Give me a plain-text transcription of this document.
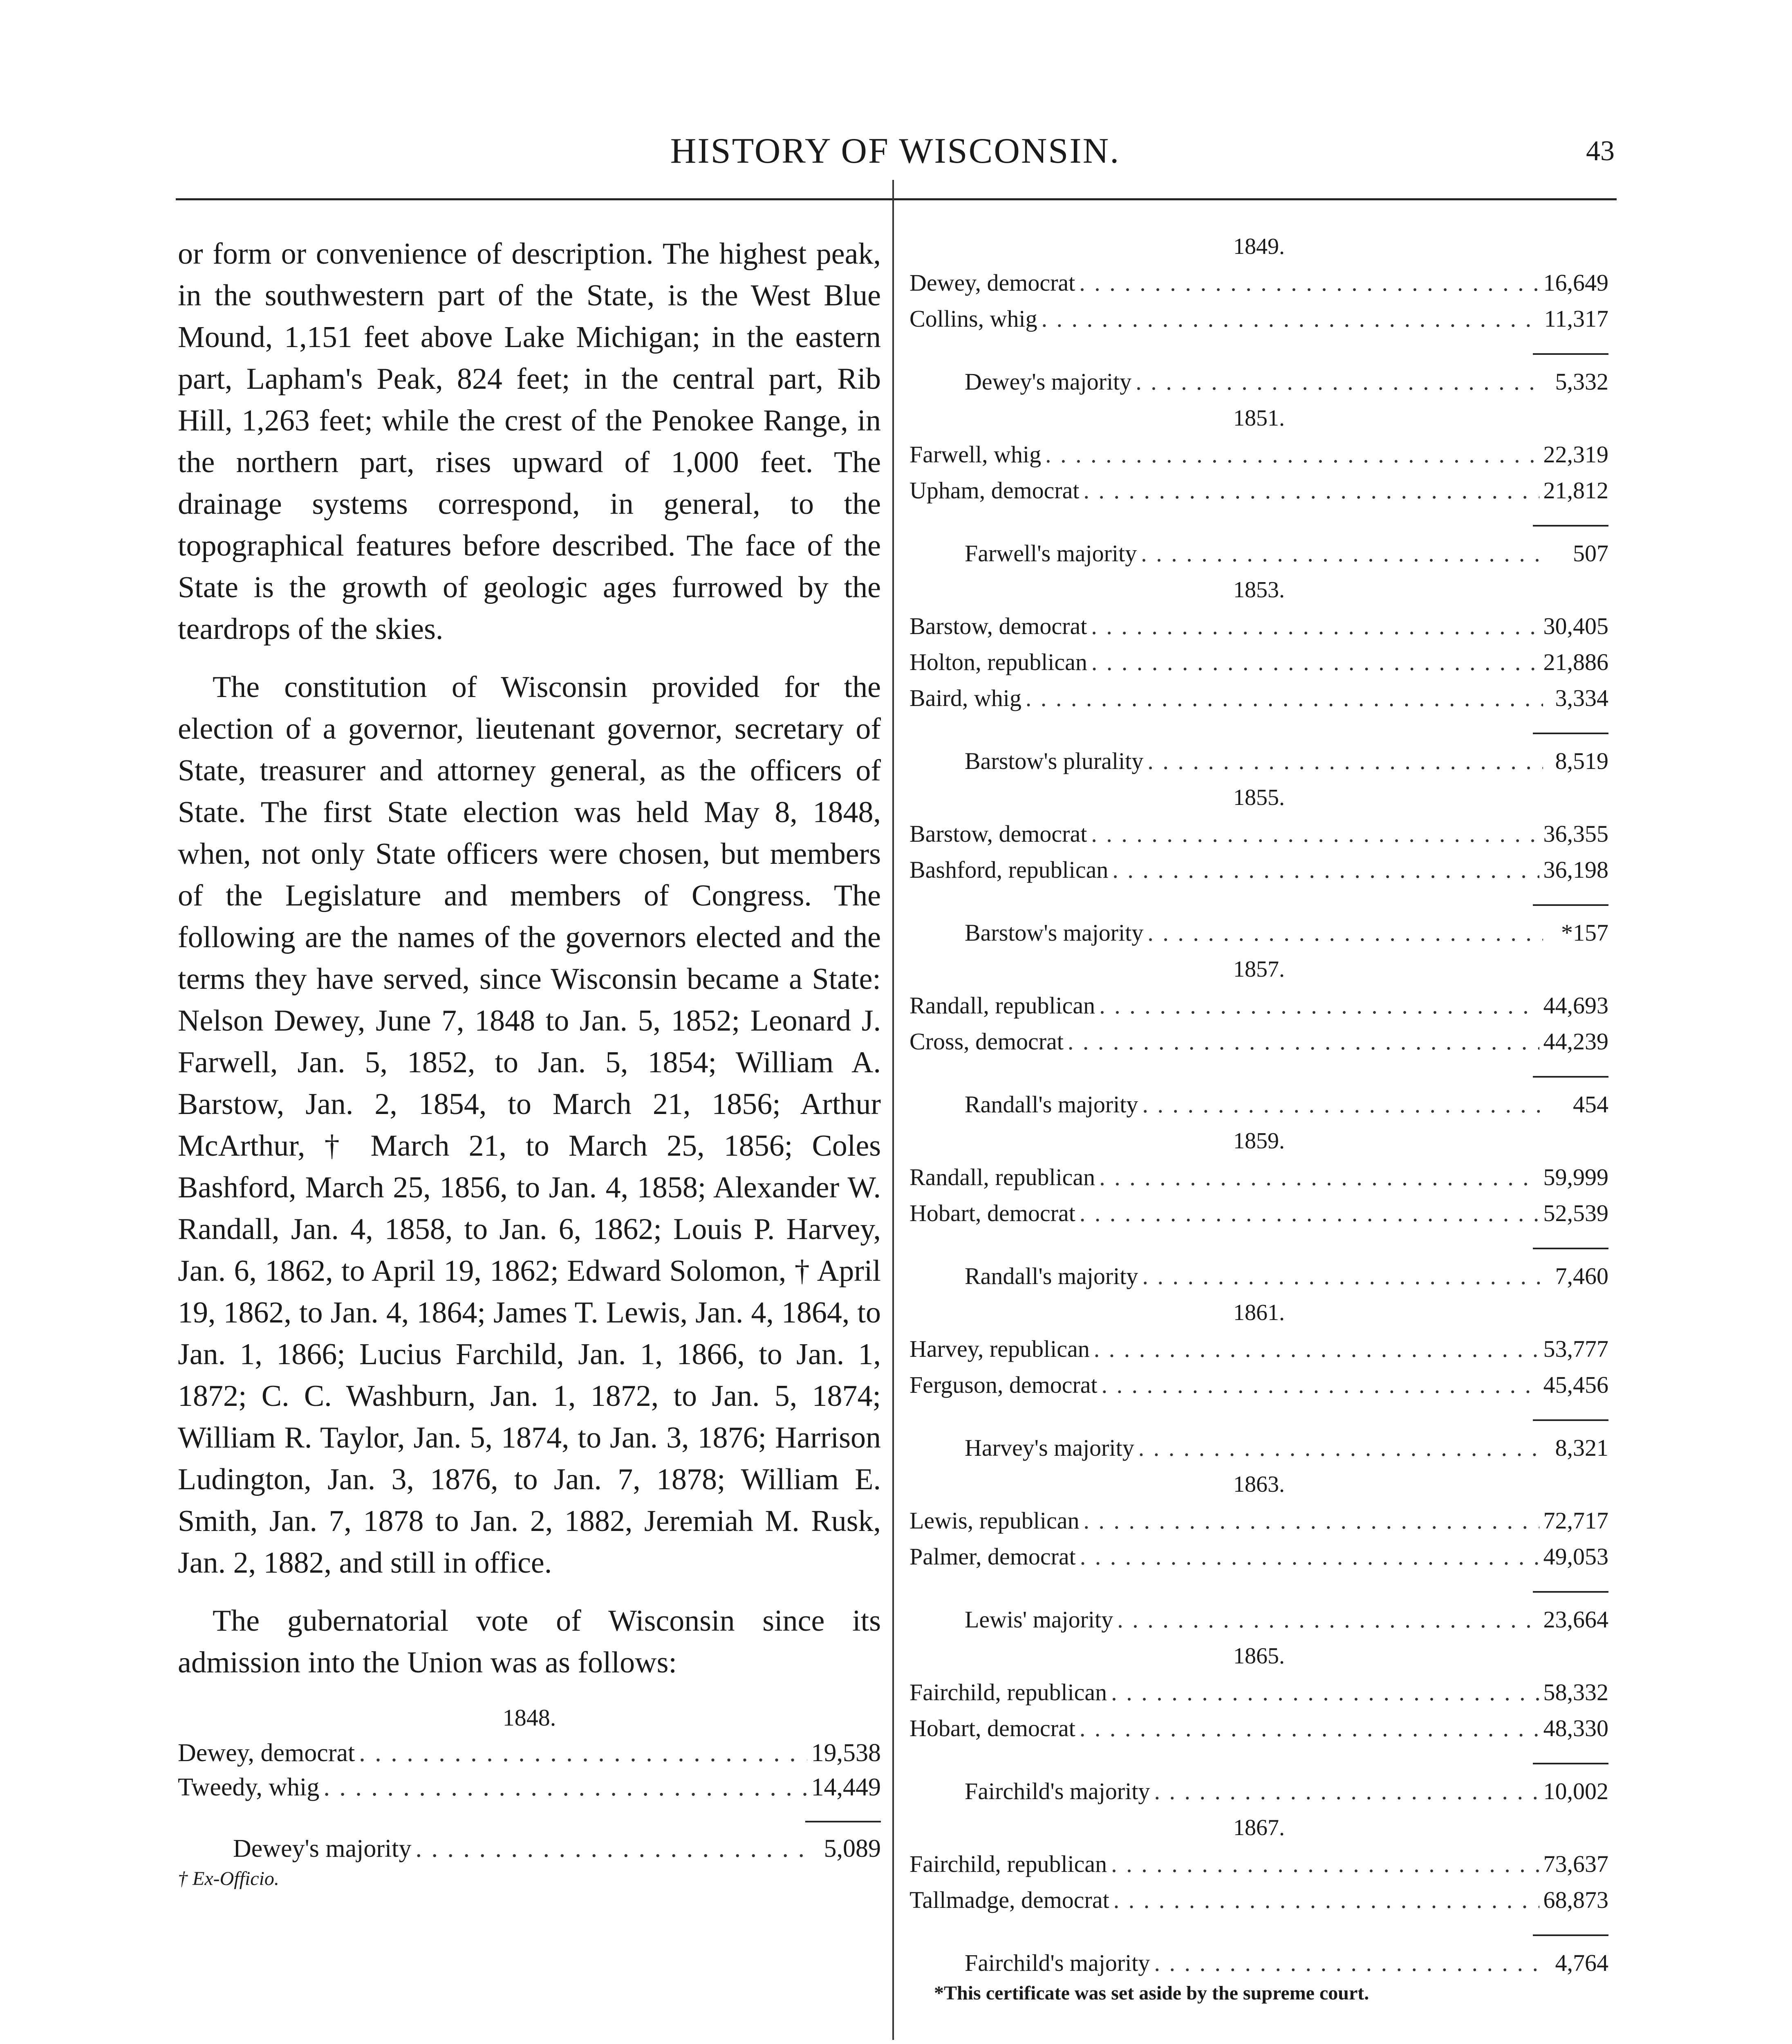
HISTORY OF WISCONSIN.	43

or form or convenience of description. The highest peak, in the southwestern part of the State, is the West Blue Mound, 1,151 feet above Lake Michigan; in the eastern part, Lapham's Peak, 824 feet; in the central part, Rib Hill, 1,263 feet; while the crest of the Penokee Range, in the northern part, rises upward of 1,000 feet. The drainage systems correspond, in general, to the topographical features before described. The face of the State is the growth of geologic ages furrowed by the teardrops of the skies.

The constitution of Wisconsin provided for the election of a governor, lieutenant governor, secretary of State, treasurer and attorney general, as the officers of State. The first State election was held May 8, 1848, when, not only State officers were chosen, but members of the Legislature and members of Congress. The following are the names of the governors elected and the terms they have served, since Wisconsin became a State: Nelson Dewey, June 7, 1848 to Jan. 5, 1852; Leonard J. Farwell, Jan. 5, 1852, to Jan. 5, 1854; William A. Barstow, Jan. 2, 1854, to March 21, 1856; Arthur McArthur, † March 21, to March 25, 1856; Coles Bashford, March 25, 1856, to Jan. 4, 1858; Alexander W. Randall, Jan. 4, 1858, to Jan. 6, 1862; Louis P. Harvey, Jan. 6, 1862, to April 19, 1862; Edward Solomon, † April 19, 1862, to Jan. 4, 1864; James T. Lewis, Jan. 4, 1864, to Jan. 1, 1866; Lucius Farchild, Jan. 1, 1866, to Jan. 1, 1872; C. C. Washburn, Jan. 1, 1872, to Jan. 5, 1874; William R. Taylor, Jan. 5, 1874, to Jan. 3, 1876; Harrison Ludington, Jan. 3, 1876, to Jan. 7, 1878; William E. Smith, Jan. 7, 1878 to Jan. 2, 1882, Jeremiah M. Rusk, Jan. 2, 1882, and still in office.

The gubernatorial vote of Wisconsin since its admission into the Union was as follows:

1848.
Dewey, democrat . . .	19,538
Tweedy, whig . . .	14,449
Dewey's majority . . .	5,089
† Ex-Officio.
1849.
Dewey, democrat . . .	16,649
Collins, whig . . .	11,317
Dewey's majority . . .	5,332
1851.
Farwell, whig . . .	22,319
Upham, democrat . . .	21,812
Farwell's majority . . .	507
1853.
Barstow, democrat . . .	30,405
Holton, republican . . .	21,886
Baird, whig . . .	3,334
Barstow's plurality . . .	8,519
1855.
Barstow, democrat . . .	36,355
Bashford, republican . . .	36,198
Barstow's majority . . .	*157
1857.
Randall, republican . . .	44,693
Cross, democrat . . .	44,239
Randall's majority . . .	454
1859.
Randall, republican . . .	59,999
Hobart, democrat . . .	52,539
Randall's majority . . .	7,460
1861.
Harvey, republican . . .	53,777
Ferguson, democrat . . .	45,456
Harvey's majority . . .	8,321
1863.
Lewis, republican . . .	72,717
Palmer, democrat . . .	49,053
Lewis' majority . . .	23,664
1865.
Fairchild, republican . . .	58,332
Hobart, democrat . . .	48,330
Fairchild's majority . . .	10,002
1867.
Fairchild, republican . . .	73,637
Tallmadge, democrat . . .	68,873
Fairchild's majority . . .	4,764
*This certificate was set aside by the supreme court.
